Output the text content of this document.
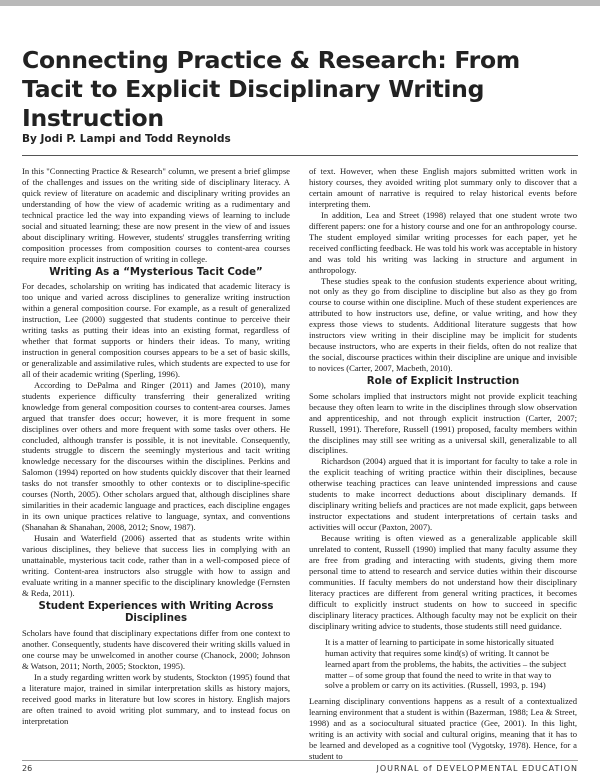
Connecting Practice & Research: From Tacit to Explicit Disciplinary Writing Instruction

By Jodi P. Lampi and Todd Reynolds

In this "Connecting Practice & Research" column, we present a brief glimpse of the challenges and issues on the writing side of disciplinary literacy. A quick review of literature on academic and disciplinary writing provides an understanding of how the view of academic writing as a rudimentary and technical practice led the way into expanding views of learning to include social and situated learning; these are now present in the view of and issues about disciplinary writing. However, students' struggles transferring writing composition processes from composition courses to content-area courses require more explicit instruction of writing in college.

Writing As a “Mysterious Tacit Code”

For decades, scholarship on writing has indicated that academic literacy is too unique and varied across disciplines to generalize writing instruction within a general composition course. For example, as a result of generalized instruction, Lee (2000) suggested that students continue to perceive their writing tasks as putting their ideas into an existing format, regardless of whether that format supports or hinders their ideas. To many, writing instruction in general composition courses appears to be a set of basic skills, or generalizable and assimilative rules, which students are expected to use for all of their academic writing (Sperling, 1996).

According to DePalma and Ringer (2011) and James (2010), many students experience difficulty transferring their generalized writing knowledge from general composition courses to content-area courses. James argued that transfer does occur; however, it is more frequent in some disciplines over others and more frequent with some tasks over others. He concluded, although transfer is possible, it is not inevitable. Consequently, students struggle to discern the seemingly mysterious and tacit writing knowledge necessary for the discourses within the disciplines. Perkins and Salomon (1994) reported on how students quickly discover that their learned tasks do not transfer smoothly to other contexts or to discipline-specific courses (North, 2005). Other scholars argued that, although disciplines share similarities in their academic language and practices, each discipline engages in its own unique practices relative to language, syntax, and conventions (Shanahan & Shanahan, 2008, 2012; Snow, 1987).

Husain and Waterfield (2006) asserted that as students write within various disciplines, they believe that success lies in complying with an unattainable, mysterious tacit code, rather than in a well-composed piece of writing. Content-area instructors also struggle with how to assign and evaluate writing in a manner specific to the disciplinary knowledge (Fernsten & Reda, 2011).

Student Experiences with Writing Across Disciplines

Scholars have found that disciplinary expectations differ from one context to another. Consequently, students have discovered their writing skills valued in one course may be unwelcomed in another course (Chanock, 2000; Johnson & Watson, 2011; North, 2005; Stockton, 1995).

In a study regarding written work by students, Stockton (1995) found that a literature major, trained in similar interpretation skills as history majors, received good marks in literature but low scores in history. English majors are often trained to avoid writing plot summary, and to instead focus on interpretation

of text. However, when these English majors submitted written work in history courses, they avoided writing plot summary only to discover that a certain amount of narrative is required to relay historical events before interpreting them.

In addition, Lea and Street (1998) relayed that one student wrote two different papers: one for a history course and one for an anthropology course. The student employed similar writing processes for each paper, yet he received conflicting feedback. He was told his work was acceptable in history and was told his writing was lacking in structure and argument in anthropology.

These studies speak to the confusion students experience about writing, not only as they go from discipline to discipline but also as they go from course to course within one discipline. Much of these student experiences are attributed to how instructors use, define, or value writing, and how they express those views to students. Additional literature suggests that how instructors view writing in their discipline may be implicit for students because instructors, who are experts in their fields, often do not realize that the social, discourse practices within their discipline are unique and invisible to novices (Carter, 2007, Macbeth, 2010).

Role of Explicit Instruction

Some scholars implied that instructors might not provide explicit teaching because they often learn to write in the disciplines through slow observation and apprenticeship, and not through explicit instruction (Carter, 2007; Russell, 1991). Therefore, Russell (1991) proposed, faculty members within the disciplines may still see writing as a universal skill, generalizable to all disciplines.

Richardson (2004) argued that it is important for faculty to take a role in the explicit teaching of writing practice within their disciplines, because otherwise teaching practices can leave unintended impressions and cause students to make incorrect deductions about disciplinary demands. If disciplinary writing beliefs and practices are not made explicit, gaps between instructor expectations and student interpretations of certain tasks and activities will occur (Paxton, 2007).

Because writing is often viewed as a generalizable applicable skill unrelated to content, Russell (1990) implied that many faculty assume they are free from grading and interacting with students, giving them more personal time to attend to research and service duties within their discourse communities. If faculty members do not understand how their disciplinary literacy practices are different from general writing practices, it becomes difficult to explicitly instruct students on how to succeed in specific disciplinary literacy practices. Although faculty may not be explicit on their disciplinary writing advice to students, those students still need guidance.

It is a matter of learning to participate in some historically situated human activity that requires some kind(s) of writing. It cannot be learned apart from the problems, the habits, the activities – the subject matter – of some group that found the need to write in that way to solve a problem or carry on its activities. (Russell, 1993, p. 194)

Learning disciplinary conventions happens as a result of a contextualized learning environment that a student is within (Bazerman, 1988; Lea & Street, 1998) and as a sociocultural situated practice (Gee, 2001). In this light, writing is an activity with social and cultural origins, meaning that it has to be learned and developed as a cognitive tool (Vygotsky, 1978). Hence, for a student to

26	JOURNAL of DEVELOPMENTAL EDUCATION
